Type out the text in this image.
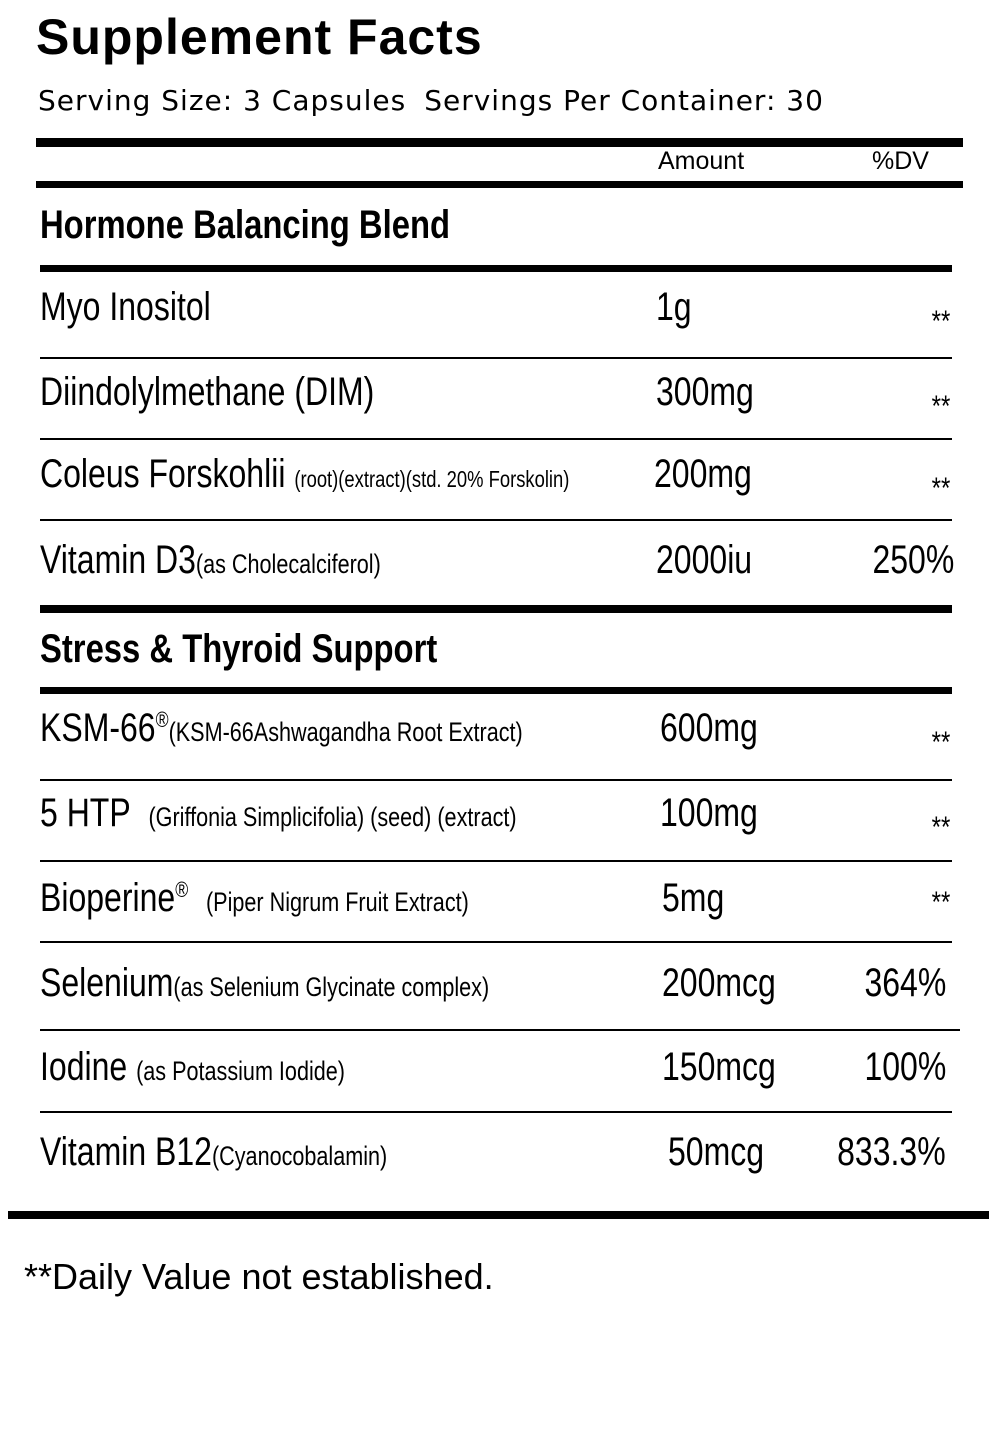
Supplement Facts
Serving Size: 3 Capsules Servings Per Container: 30
Amount	%DV
Hormone Balancing Blend
Myo Inositol	1g	**
Diindolylmethane (DIM)	300mg	**
Coleus Forskohlii (root)(extract)(std. 20% Forskolin) 200mg	**
Vitamin D3(as Cholecalciferol)	2000iu	250%
Stress & Thyroid Support
KSM-66®(KSM-66Ashwagandha Root Extract)	600mg	**
5 HTP (Griffonia Simplicifolia) (seed) (extract)	100mg	**
Bioperine® (Piper Nigrum Fruit Extract)	5mg	**
Selenium(as Selenium Glycinate complex)	200mcg 364%
Iodine (as Potassium Iodide)	150mcg 100%
Vitamin B12(Cyanocobalamin)	50mcg 833.3%
**Daily Value not established.
